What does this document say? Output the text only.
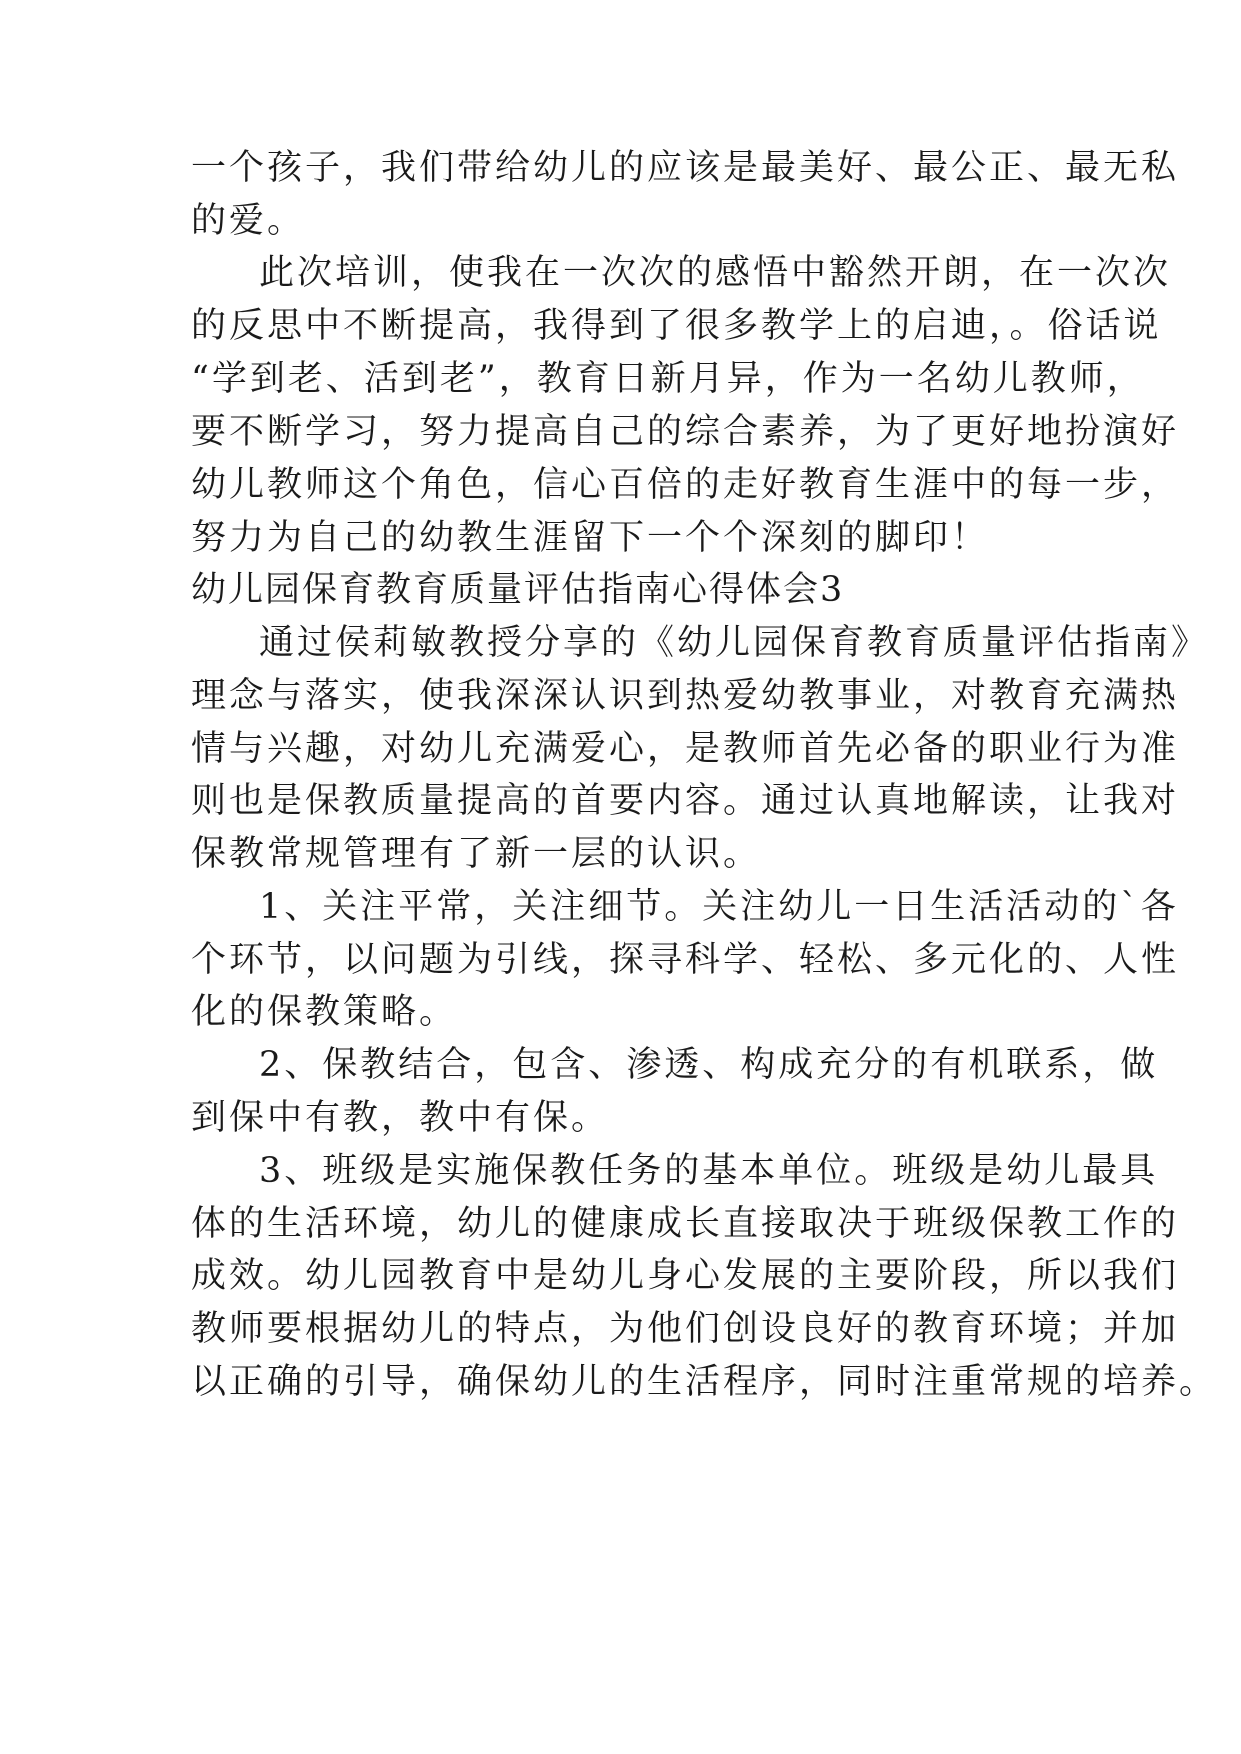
一个孩子，我们带给幼儿的应该是最美好、最公正、最无私
的爱。
此次培训，使我在一次次的感悟中豁然开朗，在一次次
的反思中不断提高，我得到了很多教学上的启迪，。俗话说
“学到老、活到老”，教育日新月异，作为一名幼儿教师，
要不断学习，努力提高自己的综合素养，为了更好地扮演好
幼儿教师这个角色，信心百倍的走好教育生涯中的每一步，
努力为自己的幼教生涯留下一个个深刻的脚印！
幼儿园保育教育质量评估指南心得体会3
通过侯莉敏教授分享的《幼儿园保育教育质量评估指南》
理念与落实，使我深深认识到热爱幼教事业，对教育充满热
情与兴趣，对幼儿充满爱心，是教师首先必备的职业行为准
则也是保教质量提高的首要内容。通过认真地解读，让我对
保教常规管理有了新一层的认识。
1、关注平常，关注细节。关注幼儿一日生活活动的`各
个环节，以问题为引线，探寻科学、轻松、多元化的、人性
化的保教策略。
2、保教结合，包含、渗透、构成充分的有机联系，做
到保中有教，教中有保。
3、班级是实施保教任务的基本单位。班级是幼儿最具
体的生活环境，幼儿的健康成长直接取决于班级保教工作的
成效。幼儿园教育中是幼儿身心发展的主要阶段，所以我们
教师要根据幼儿的特点，为他们创设良好的教育环境；并加
以正确的引导，确保幼儿的生活程序，同时注重常规的培养。
